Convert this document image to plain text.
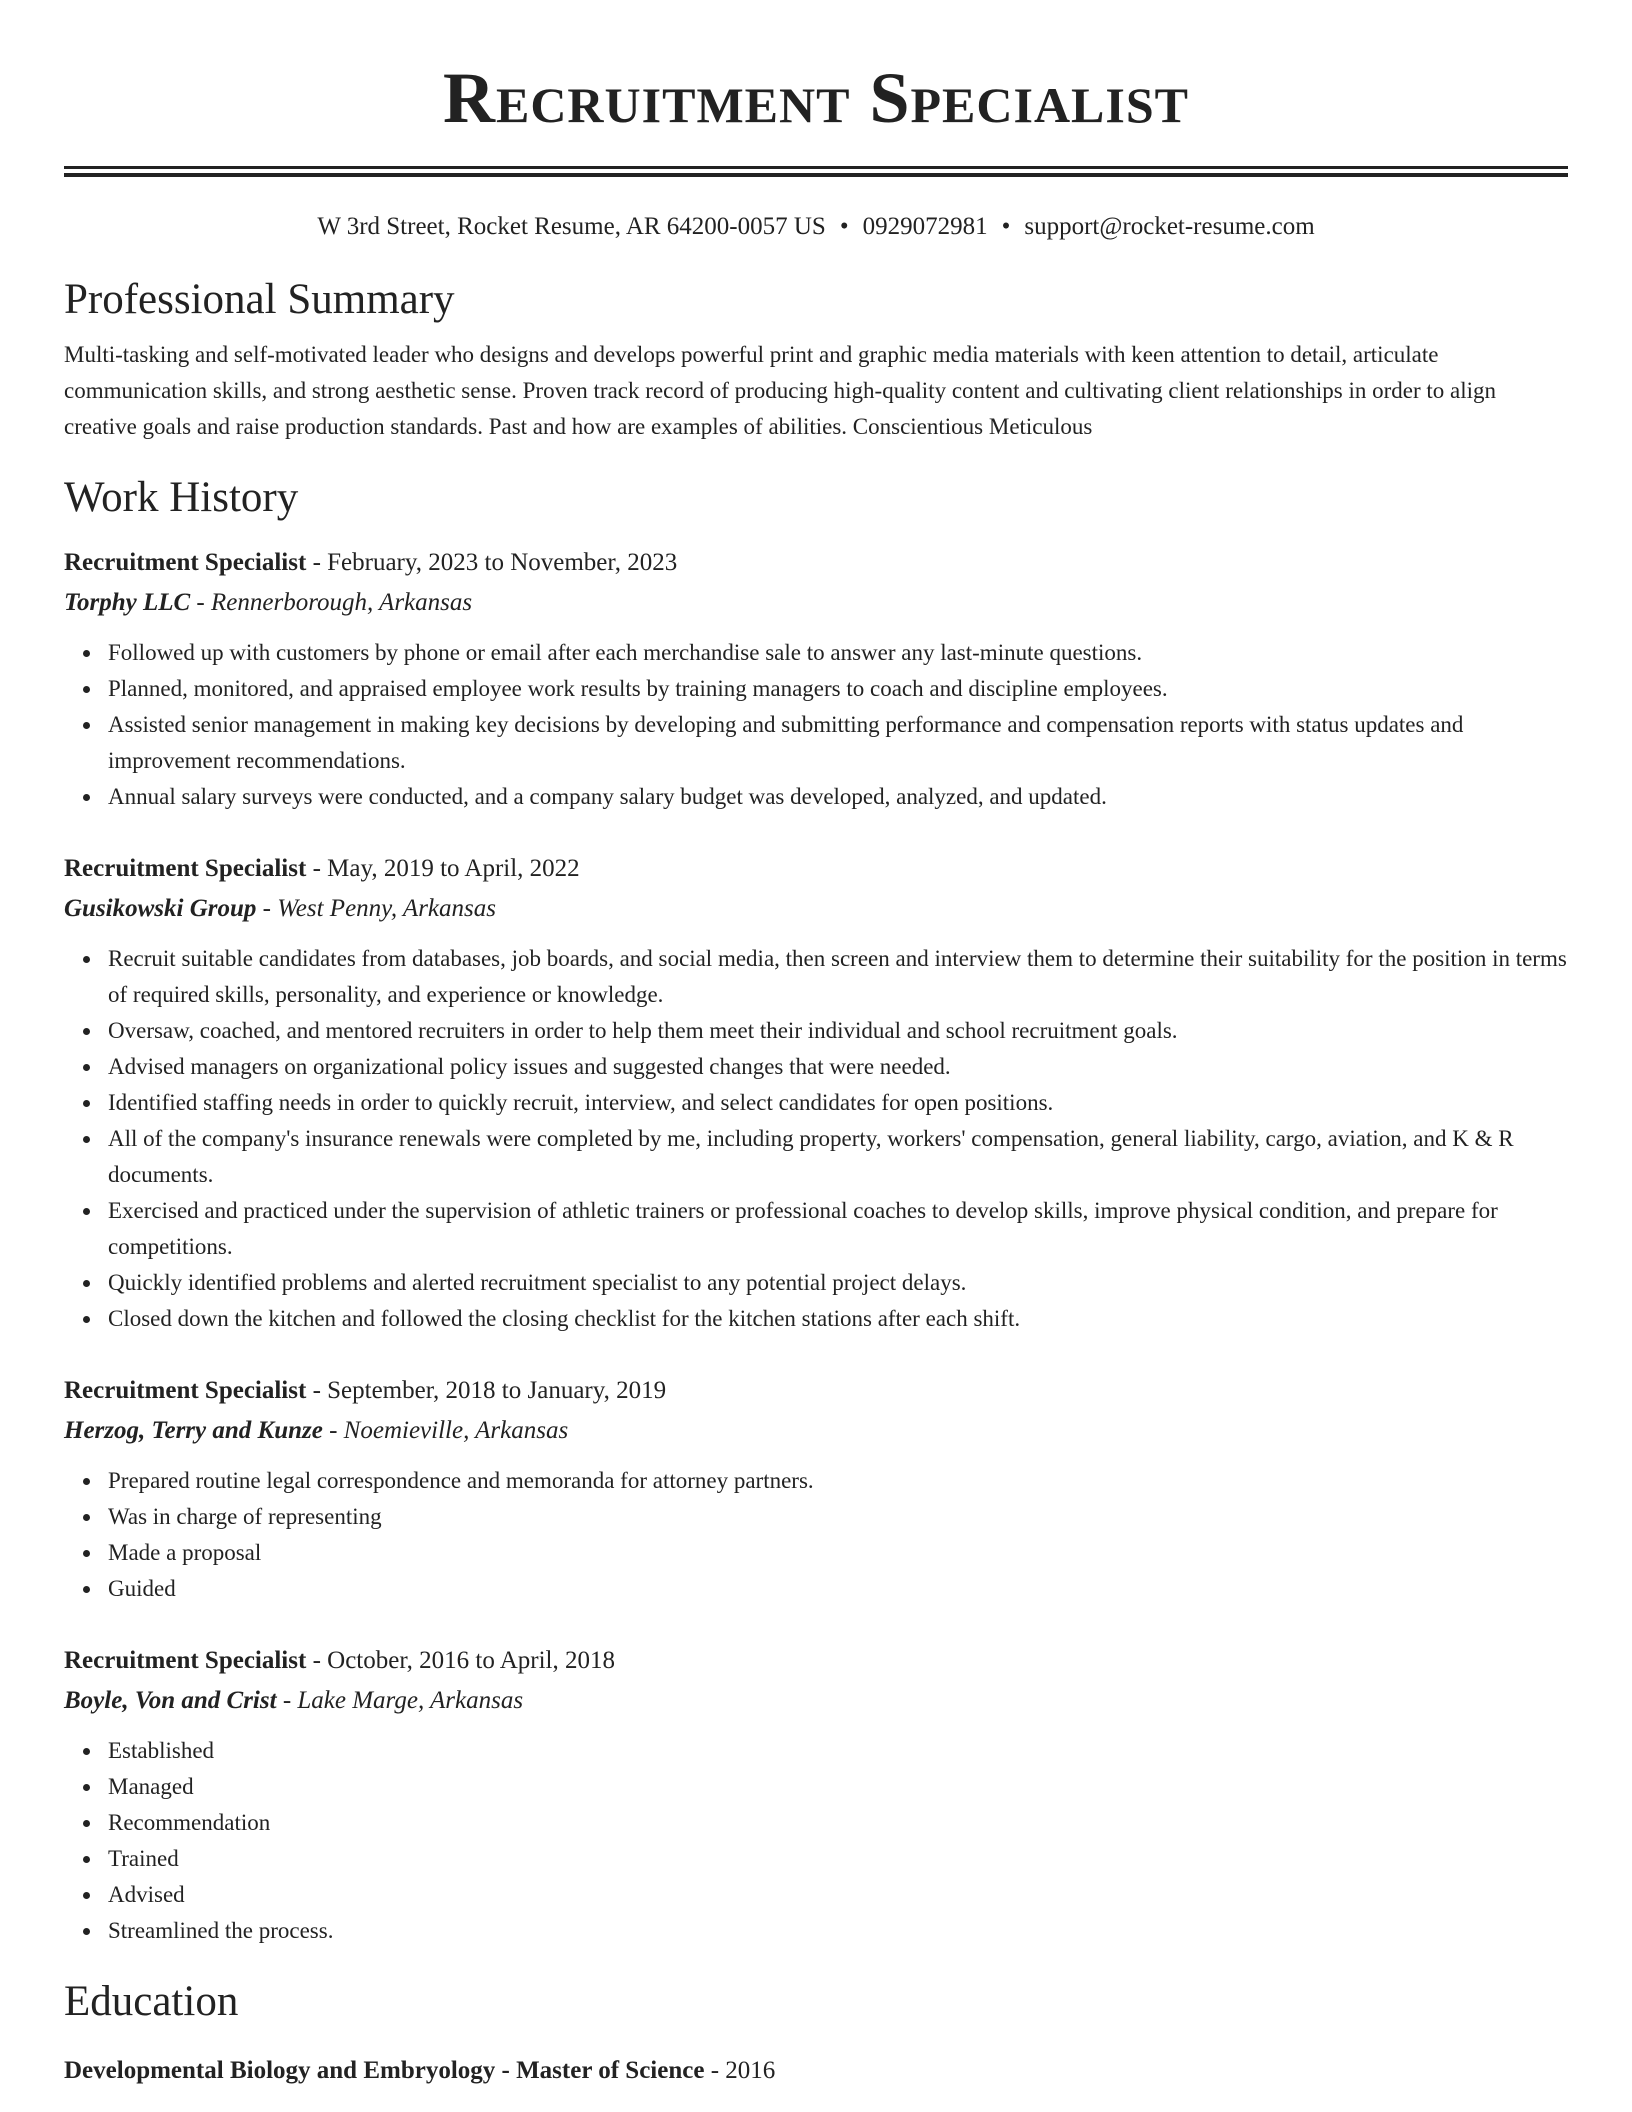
Recruitment Specialist
W 3rd Street, Rocket Resume, AR 64200-0057 US • 0929072981 • support@rocket-resume.com
Professional Summary

Multi-tasking and self-motivated leader who designs and develops powerful print and graphic media materials with keen attention to detail, articulate communication skills, and strong aesthetic sense. Proven track record of producing high-quality content and cultivating client relationships in order to align creative goals and raise production standards. Past and how are examples of abilities. Conscientious Meticulous

Work History
Recruitment Specialist - February, 2023 to November, 2023
Torphy LLC - Rennerborough, Arkansas
Followed up with customers by phone or email after each merchandise sale to answer any last-minute questions.
Planned, monitored, and appraised employee work results by training managers to coach and discipline employees.
Assisted senior management in making key decisions by developing and submitting performance and compensation reports with status updates and improvement recommendations.
Annual salary surveys were conducted, and a company salary budget was developed, analyzed, and updated.
Recruitment Specialist - May, 2019 to April, 2022
Gusikowski Group - West Penny, Arkansas
Recruit suitable candidates from databases, job boards, and social media, then screen and interview them to determine their suitability for the position in terms of required skills, personality, and experience or knowledge.
Oversaw, coached, and mentored recruiters in order to help them meet their individual and school recruitment goals.
Advised managers on organizational policy issues and suggested changes that were needed.
Identified staffing needs in order to quickly recruit, interview, and select candidates for open positions.
All of the company's insurance renewals were completed by me, including property, workers' compensation, general liability, cargo, aviation, and K & R documents.
Exercised and practiced under the supervision of athletic trainers or professional coaches to develop skills, improve physical condition, and prepare for competitions.
Quickly identified problems and alerted recruitment specialist to any potential project delays.
Closed down the kitchen and followed the closing checklist for the kitchen stations after each shift.
Recruitment Specialist - September, 2018 to January, 2019
Herzog, Terry and Kunze - Noemieville, Arkansas
Prepared routine legal correspondence and memoranda for attorney partners.
Was in charge of representing
Made a proposal
Guided
Recruitment Specialist - October, 2016 to April, 2018
Boyle, Von and Crist - Lake Marge, Arkansas
Established
Managed
Recommendation
Trained
Advised
Streamlined the process.
Education
Developmental Biology and Embryology - Master of Science - 2016
